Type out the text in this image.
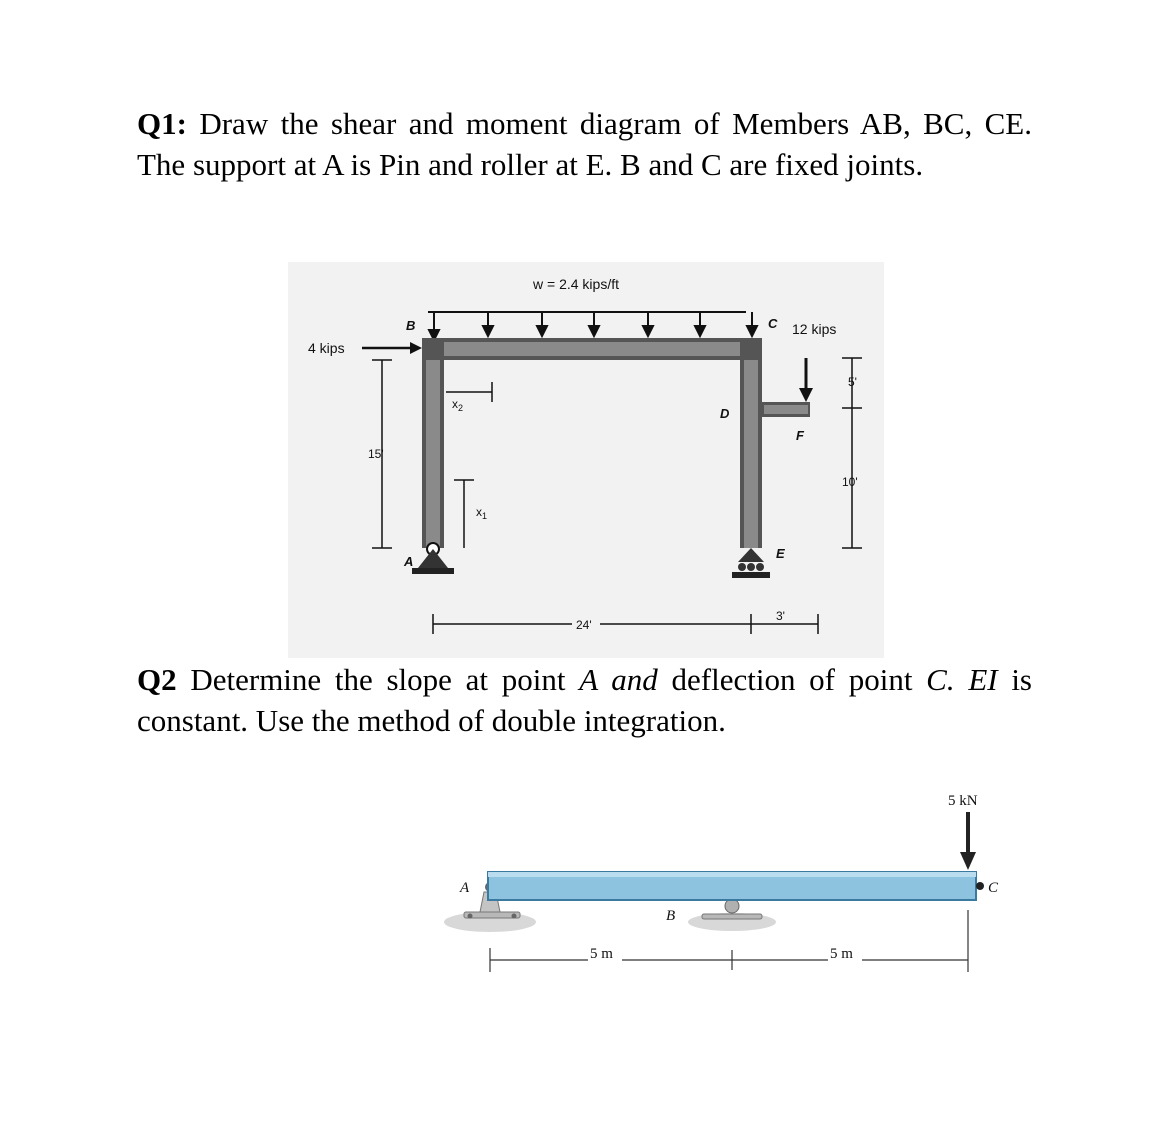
Q1: Draw the shear and moment diagram of Members AB, BC, CE. The support at A is Pin and roller at E. B and C are fixed joints.

w = 2.4 kips/ft
4 kips
12 kips
B	C
D
F
A
E
$x_2$
$x_1$
15'
5'
10'
24'
3'

Q2 Determine the slope at point A and deflection of point C. EI is constant. Use the method of double integration.

5 kN
A
B
C
5 m	5 m
